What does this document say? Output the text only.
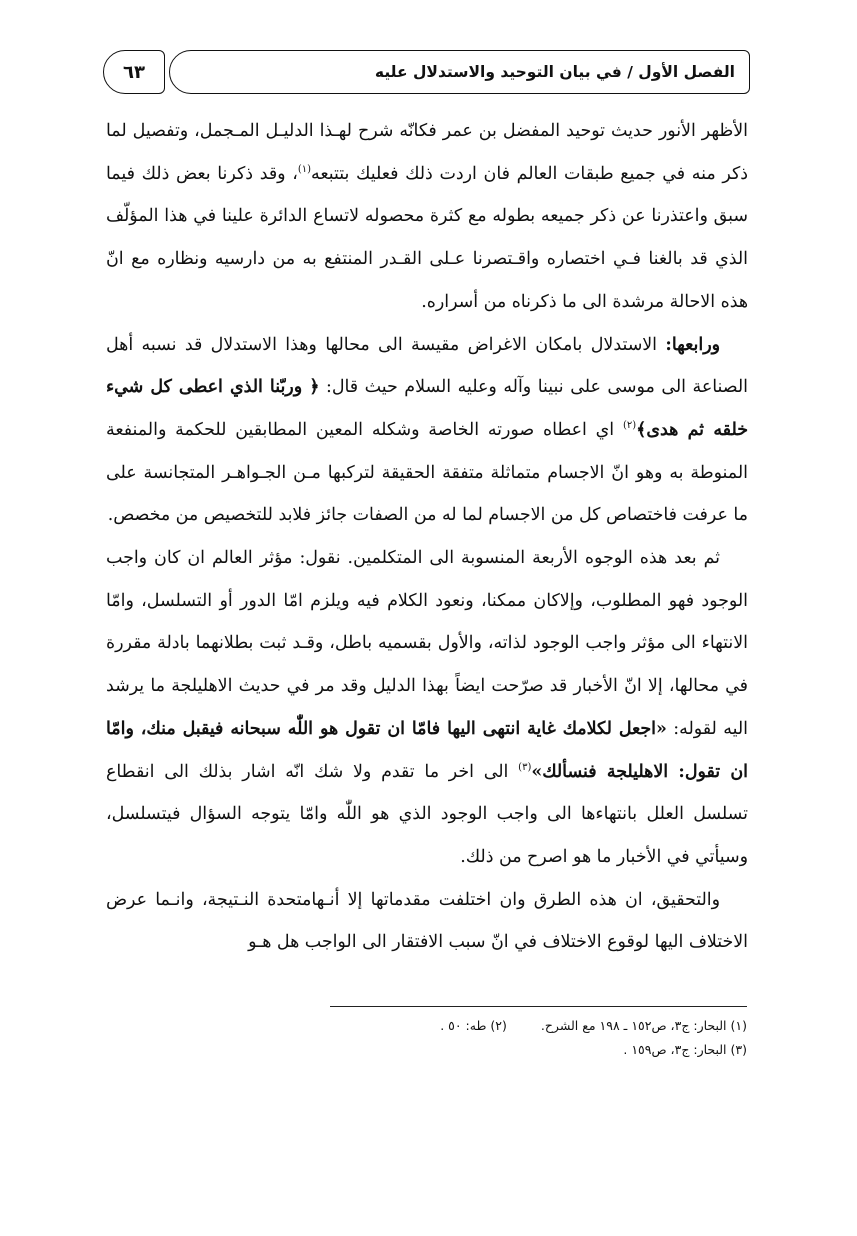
٦٣	الفصل الأول / في بيان التوحيد والاستدلال عليه

الأظهر الأنور حديث توحيد المفضل بن عمر فكانّه شرح لهـذا الدليـل المـجمل، وتفصيل لما ذكر منه في جميع طبقات العالم فان اردت ذلك فعليك بتتبعه$^{(١)}$، وقد ذكرنا بعض ذلك فيما سبق واعتذرنا عن ذكر جميعه بطوله مع كثرة محصوله لاتساع الدائرة علينا في هذا المؤلّف الذي قد بالغنا فـي اختصاره واقـتصرنا عـلى القـدر المنتفع به من دارسيه ونظاره مع انّ هذه الاحالة مرشدة الى ما ذكرناه من أسراره.

ورابعها: الاستدلال بامكان الاغراض مقيسة الى محالها وهذا الاستدلال قد نسبه أهل الصناعة الى موسى على نبينا وآله وعليه السلام حيث قال: ﴿ وربّنا الذي اعطى كل شيء خلقه ثم هدى﴾$^{(٢)}$ اي اعطاه صورته الخاصة وشكله المعين المطابقين للحكمة والمنفعة المنوطة به وهو انّ الاجسام متماثلة متفقة الحقيقة لتركبها مـن الجـواهـر المتجانسة على ما عرفت فاختصاص كل من الاجسام لما له من الصفات جائز فلابد للتخصيص من مخصص.

ثم بعد هذه الوجوه الأربعة المنسوبة الى المتكلمين. نقول: مؤثر العالم ان كان واجب الوجود فهو المطلوب، وإلاكان ممكنا، ونعود الكلام فيه ويلزم امّا الدور أو التسلسل، وامّا الانتهاء الى مؤثر واجب الوجود لذاته، والأول بقسميه باطل، وقـد ثبت بطلانهما بادلة مقررة في محالها، إلا انّ الأخبار قد صرّحت ايضاً بهذا الدليل وقد مر في حديث الاهليلجة ما يرشد اليه لقوله: «اجعل لكلامك غاية انتهى اليها فامّا ان تقول هو اللّٰه سبحانه فيقبل منك، وامّا ان تقول: الاهليلجة فنسألك»$^{(٣)}$ الى اخر ما تقدم ولا شك انّه اشار بذلك الى انقطاع تسلسل العلل بانتهاءها الى واجب الوجود الذي هو اللّٰه وامّا يتوجه السؤال فيتسلسل، وسيأتي في الأخبار ما هو اصرح من ذلك.

والتحقيق، ان هذه الطرق وان اختلفت مقدماتها إلا أنـهامتحدة النـتيجة، وانـما عرض الاختلاف اليها لوقوع الاختلاف في انّ سبب الافتقار الى الواجب هل هـو

(١) البحار: ج٣، ص١٥٢ ـ ١٩٨ مع الشرح.
(٢) طه: ٥٠ .
(٣) البحار: ج٣، ص١٥٩ .
